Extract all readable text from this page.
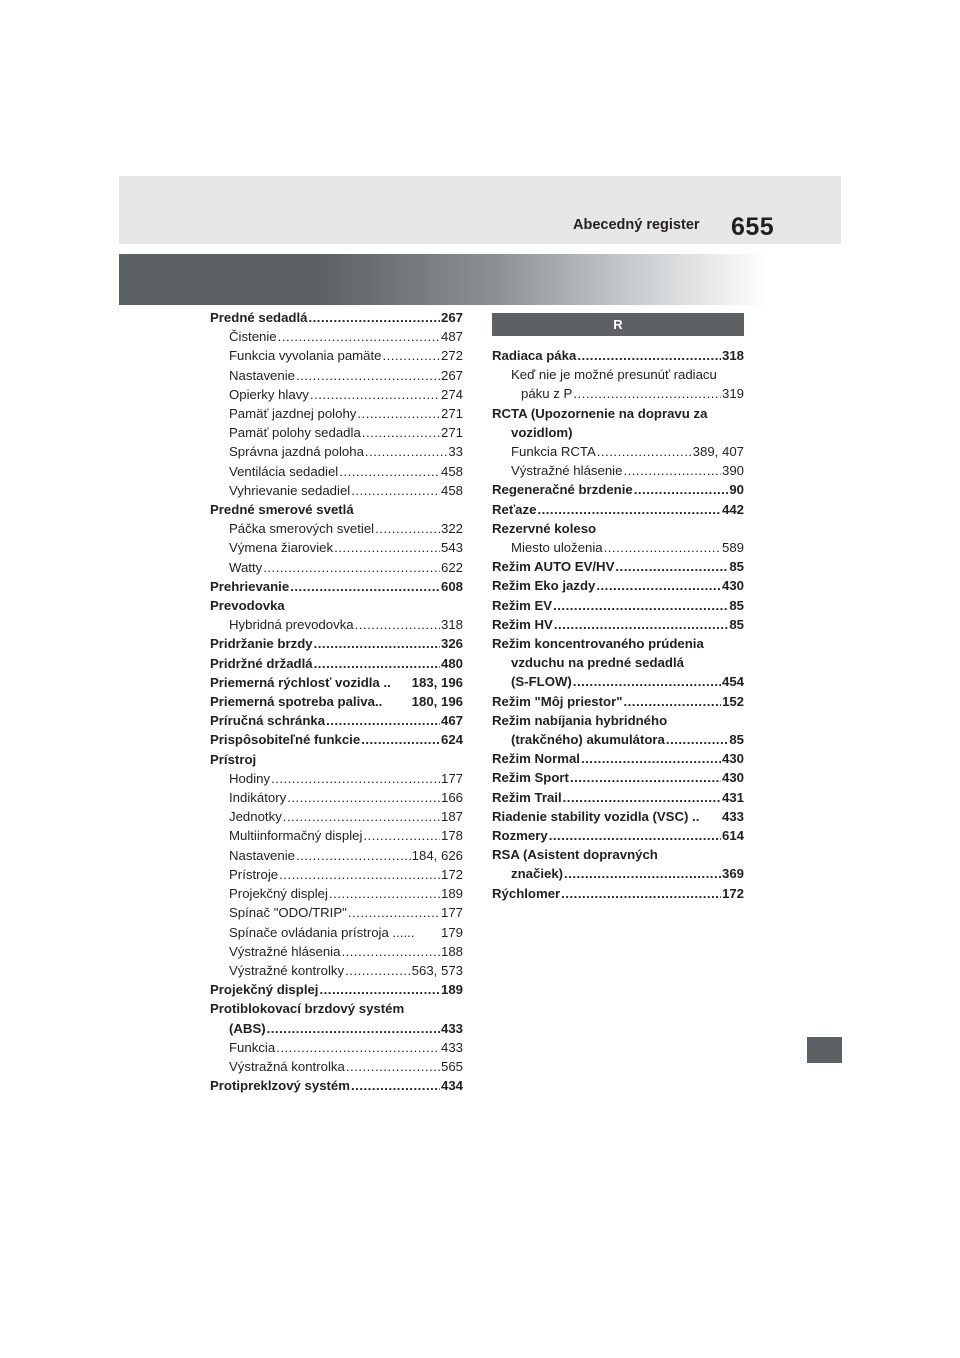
Abecedný register 655
Predné sedadlá .....	267
Čistenie .....	487
Funkcia vyvolania pamäte .....	272
Nastavenie .....	267
Opierky hlavy .....	274
Pamäť jazdnej polohy .....	271
Pamäť polohy sedadla .....	271
Správna jazdná poloha .....	33
Ventilácia sedadiel .....	458
Vyhrievanie sedadiel .....	458
Predné smerové svetlá
Páčka smerových svetiel .....	322
Výmena žiaroviek .....	543
Watty .....	622
Prehrievanie .....	608
Prevodovka
Hybridná prevodovka .....	318
Pridržanie brzdy .....	326
Pridržné držadlá .....	480
Priemerná rýchlosť vozidla .. 183, 196
Priemerná spotreba paliva.. 180, 196
Príručná schránka .....	467
Prispôsobiteľné funkcie .....	624
Prístroj
Hodiny .....	177
Indikátory .....	166
Jednotky .....	187
Multiinformačný displej .....	178
Nastavenie .....	184, 626
Prístroje .....	172
Projekčný displej .....	189
Spínač "ODO/TRIP" .....	177
Spínače ovládania prístroja ...... 179
Výstražné hlásenia .....	188
Výstražné kontrolky .....	563, 573
Projekčný displej .....	189
Protiblokovací brzdový systém
(ABS) .....	433
Funkcia .....	433
Výstražná kontrolka .....	565
Protipreklzový systém .....	434
R
Radiaca páka .....	318
Keď nie je možné presunúť radiacu
páku z P .....	319
RCTA (Upozornenie na dopravu za
vozidlom)
Funkcia RCTA .....	389, 407
Výstražné hlásenie .....	390
Regeneračné brzdenie .....	90
Reťaze .....	442
Rezervné koleso
Miesto uloženia .....	589
Režim AUTO EV/HV .....	85
Režim Eko jazdy .....	430
Režim EV .....	85
Režim HV .....	85
Režim koncentrovaného prúdenia
vzduchu na predné sedadlá
(S-FLOW) .....	454
Režim "Môj priestor" .....	152
Režim nabíjania hybridného
(trakčného) akumulátora .....	85
Režim Normal .....	430
Režim Sport .....	430
Režim Trail .....	431
Riadenie stability vozidla (VSC) .. 433
Rozmery .....	614
RSA (Asistent dopravných
značiek) .....	369
Rýchlomer .....	172
